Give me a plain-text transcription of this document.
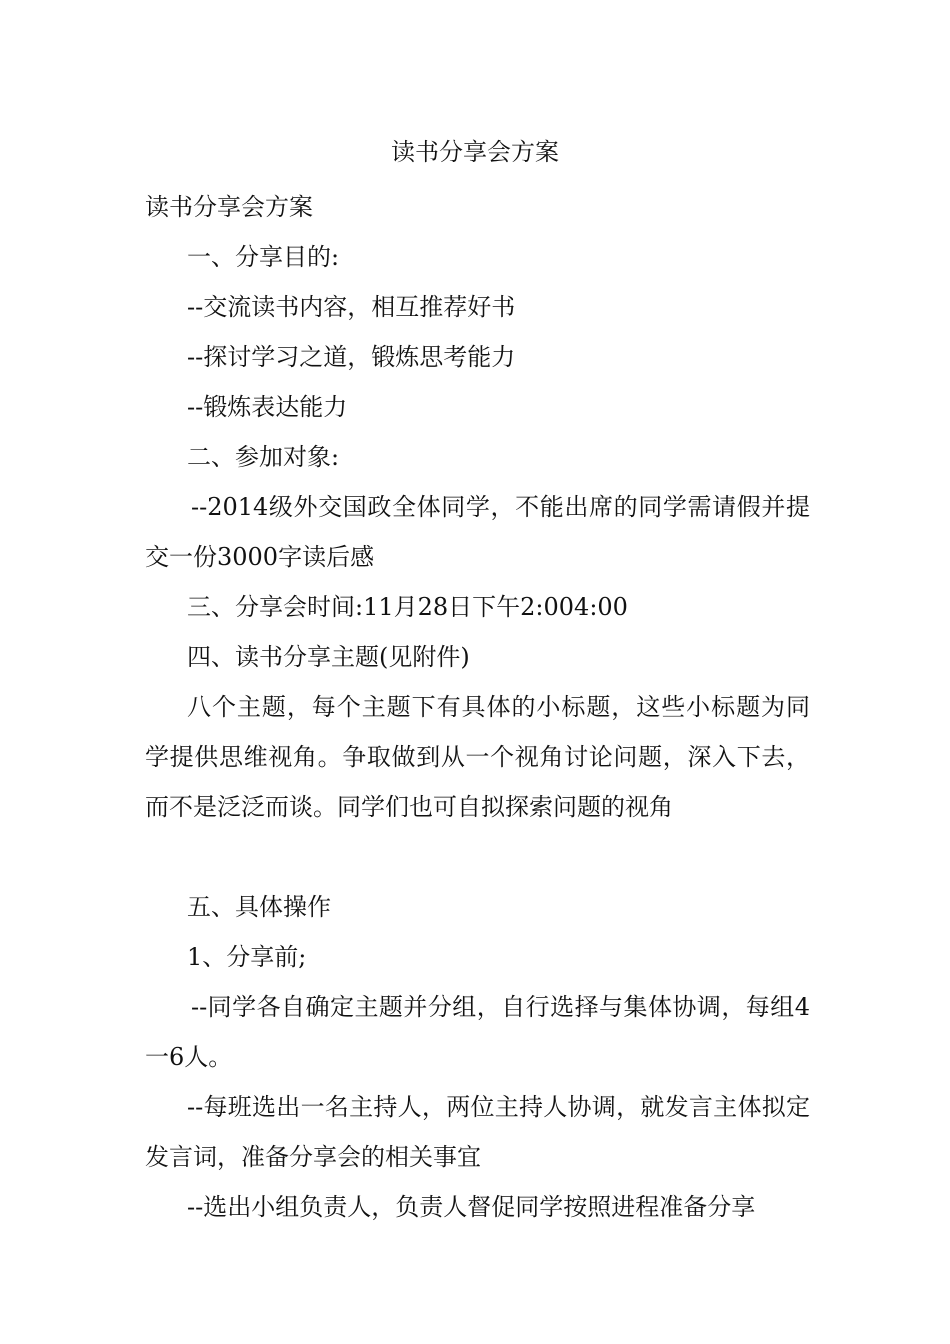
读书分享会方案

读书分享会方案

一、分享目的:

--交流读书内容，相互推荐好书

--探讨学习之道，锻炼思考能力

--锻炼表达能力

二、参加对象:

--2014级外交国政全体同学，不能出席的同学需请假并提交一份3000字读后感

三、分享会时间:11月28日下午2:004:00

四、读书分享主题(见附件)

八个主题，每个主题下有具体的小标题，这些小标题为同学提供思维视角。争取做到从一个视角讨论问题，深入下去，而不是泛泛而谈。同学们也可自拟探索问题的视角

五、具体操作

1、分享前;

--同学各自确定主题并分组，自行选择与集体协调，每组4一6人。

--每班选出一名主持人，两位主持人协调，就发言主体拟定发言词，准备分享会的相关事宜

--选出小组负责人，负责人督促同学按照进程准备分享
